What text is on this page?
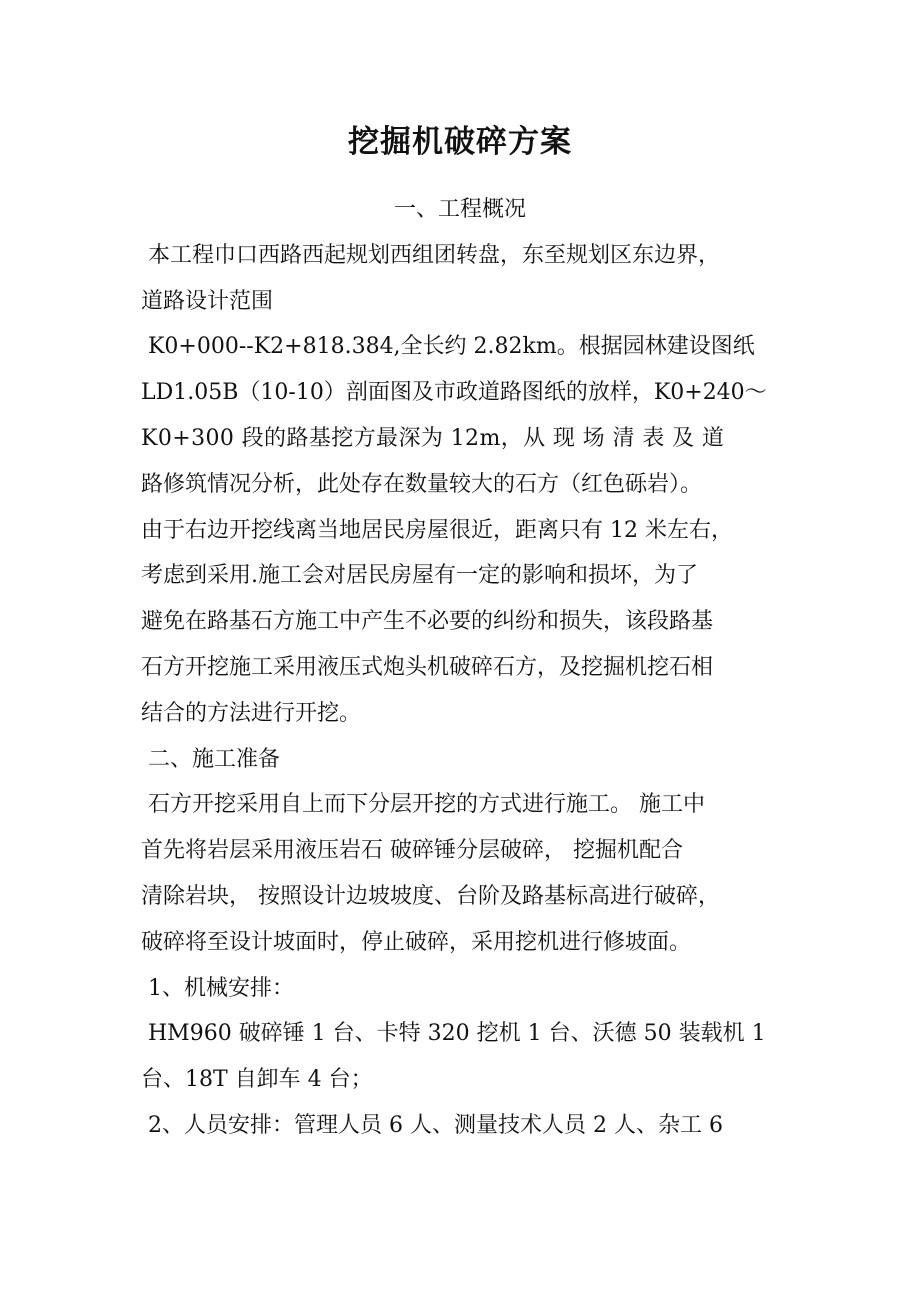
挖掘机破碎方案
一、工程概况
本工程巾口西路西起规划西组团转盘，东至规划区东边界，
道路设计范围
K0+000--K2+818.384,全长约 2.82km。根据园林建设图纸
LD1.05B（10-10）剖面图及市政道路图纸的放样，K0+240～
K0+300 段的路基挖方最深为 12m，从 现 场 清 表 及 道
路修筑情况分析，此处存在数量较大的石方（红色砾岩）。
由于右边开挖线离当地居民房屋很近，距离只有 12 米左右，
考虑到采用.施工会对居民房屋有一定的影响和损坏，为了
避免在路基石方施工中产生不必要的纠纷和损失，该段路基
石方开挖施工采用液压式炮头机破碎石方，及挖掘机挖石相
结合的方法进行开挖。
二、施工准备
石方开挖采用自上而下分层开挖的方式进行施工。 施工中
首先将岩层采用液压岩石 破碎锤分层破碎， 挖掘机配合
清除岩块， 按照设计边坡坡度、台阶及路基标高进行破碎，
破碎将至设计坡面时，停止破碎，采用挖机进行修坡面。
1、机械安排：
HM960 破碎锤 1 台、卡特 320 挖机 1 台、沃德 50 装载机 1
台、18T 自卸车 4 台；
2、人员安排：管理人员 6 人、测量技术人员 2 人、杂工 6
